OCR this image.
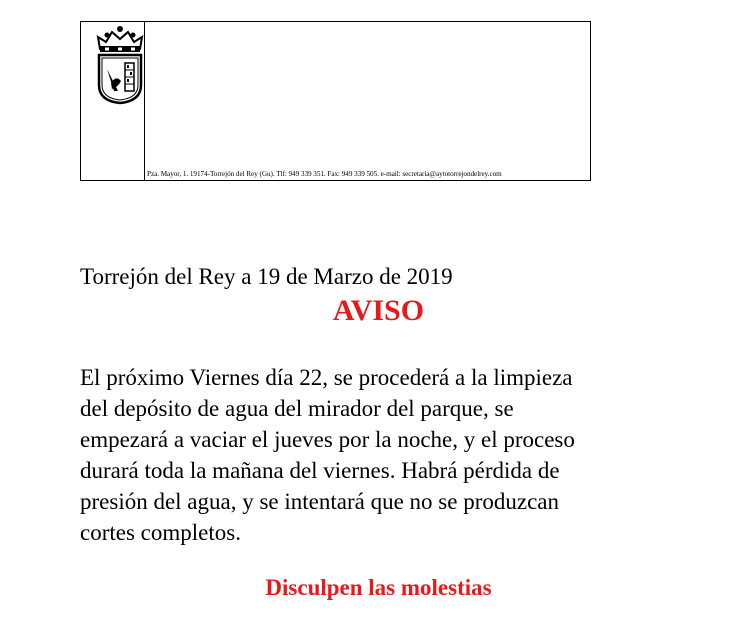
Pza. Mayor, 1. 19174-Torrejón del Rey (Gu). Tlf: 949 339 351. Fax: 949 339 505. e-mail: secretaria@aytotorrejondelrey.com
Torrejón del Rey a 19 de Marzo de 2019
AVISO
El próximo Viernes día 22, se procederá a la limpieza
del depósito de agua del mirador del parque, se
empezará a vaciar el jueves por la noche, y el proceso
durará toda la mañana del viernes. Habrá pérdida de
presión del agua, y se intentará que no se produzcan
cortes completos.
Disculpen las molestias
